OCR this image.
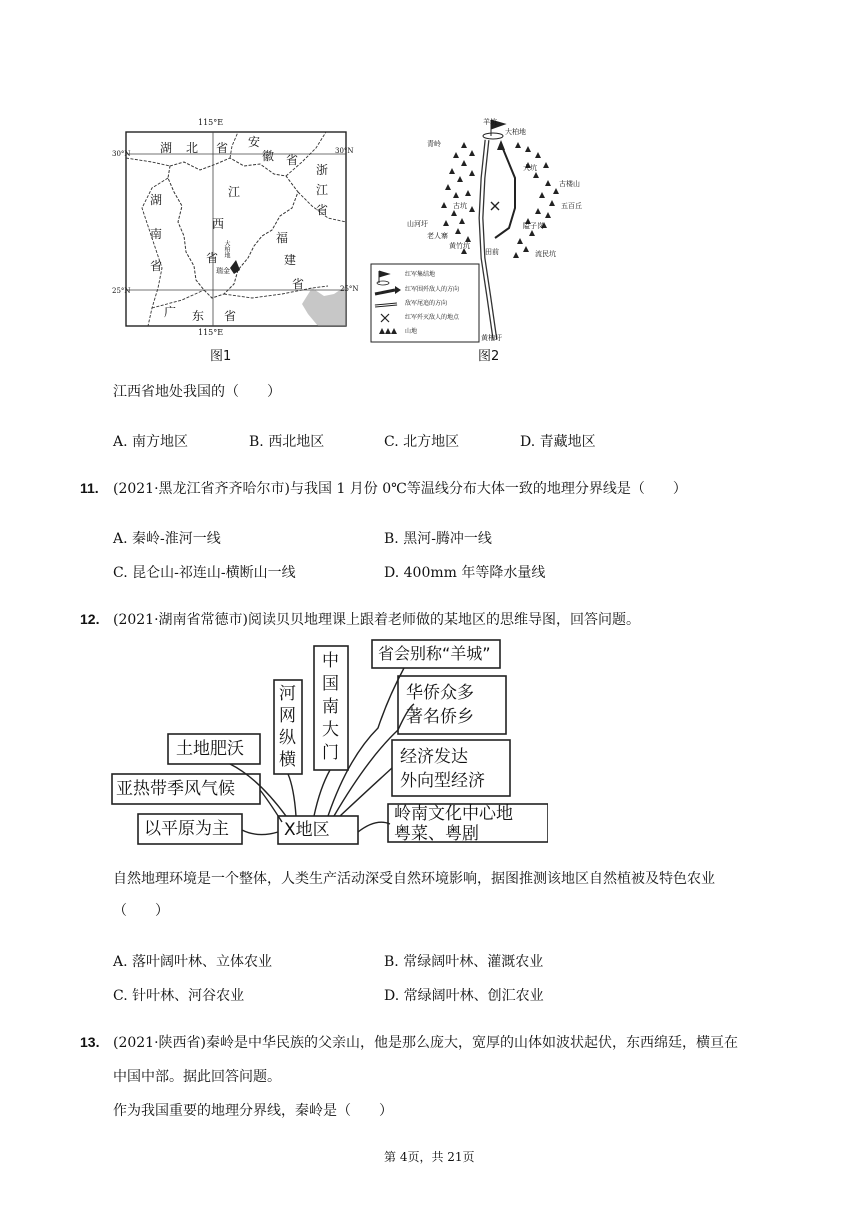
115°E
115°E
30°N	30°N
25°N	25°N
湖 北 省 安
徽 省
浙
江
省
湖
南
省
江
西
省
福
建
省
广 东 省
大柏地
瑞金
图1
羊坑
大柏地
青岭
大坑
古楼山
五百丘
古坑
山河圩
老人寨
黄竹坑
隘子岗
田前	流民坑
黄柏圩
红军集结地
红军围歼敌人的方向
敌军尾追的方向
红军歼灭敌人的地点
山地
图2
江西省地处我国的（　　）
A. 南方地区	B. 西北地区	C. 北方地区	D. 青藏地区
11. (2021·黑龙江省齐齐哈尔市)与我国 1 月份 0℃等温线分布大体一致的地理分界线是（　　）
A. 秦岭-淮河一线	B. 黑河-腾冲一线
C. 昆仑山-祁连山-横断山一线	D. 400mm 年等降水量线
12. (2021·湖南省常德市)阅读贝贝地理课上跟着老师做的某地区的思维导图，回答问题。
土地肥沃
亚热带季风气候
以平原为主
河
网
纵
横
中
国
南
大
门
省会别称“羊城”
华侨众多
著名侨乡
经济发达
外向型经济
岭南文化中心地
粤菜、粤剧
X地区
自然地理环境是一个整体，人类生产活动深受自然环境影响，据图推测该地区自然植被及特色农业
（　　）
A. 落叶阔叶林、立体农业	B. 常绿阔叶林、灌溉农业
C. 针叶林、河谷农业	D. 常绿阔叶林、创汇农业
13. (2021·陕西省)秦岭是中华民族的父亲山，他是那么庞大，宽厚的山体如波状起伏，东西绵廷，横亘在
中国中部。据此回答问题。
作为我国重要的地理分界线，秦岭是（　　）
第 4页，共 21页
